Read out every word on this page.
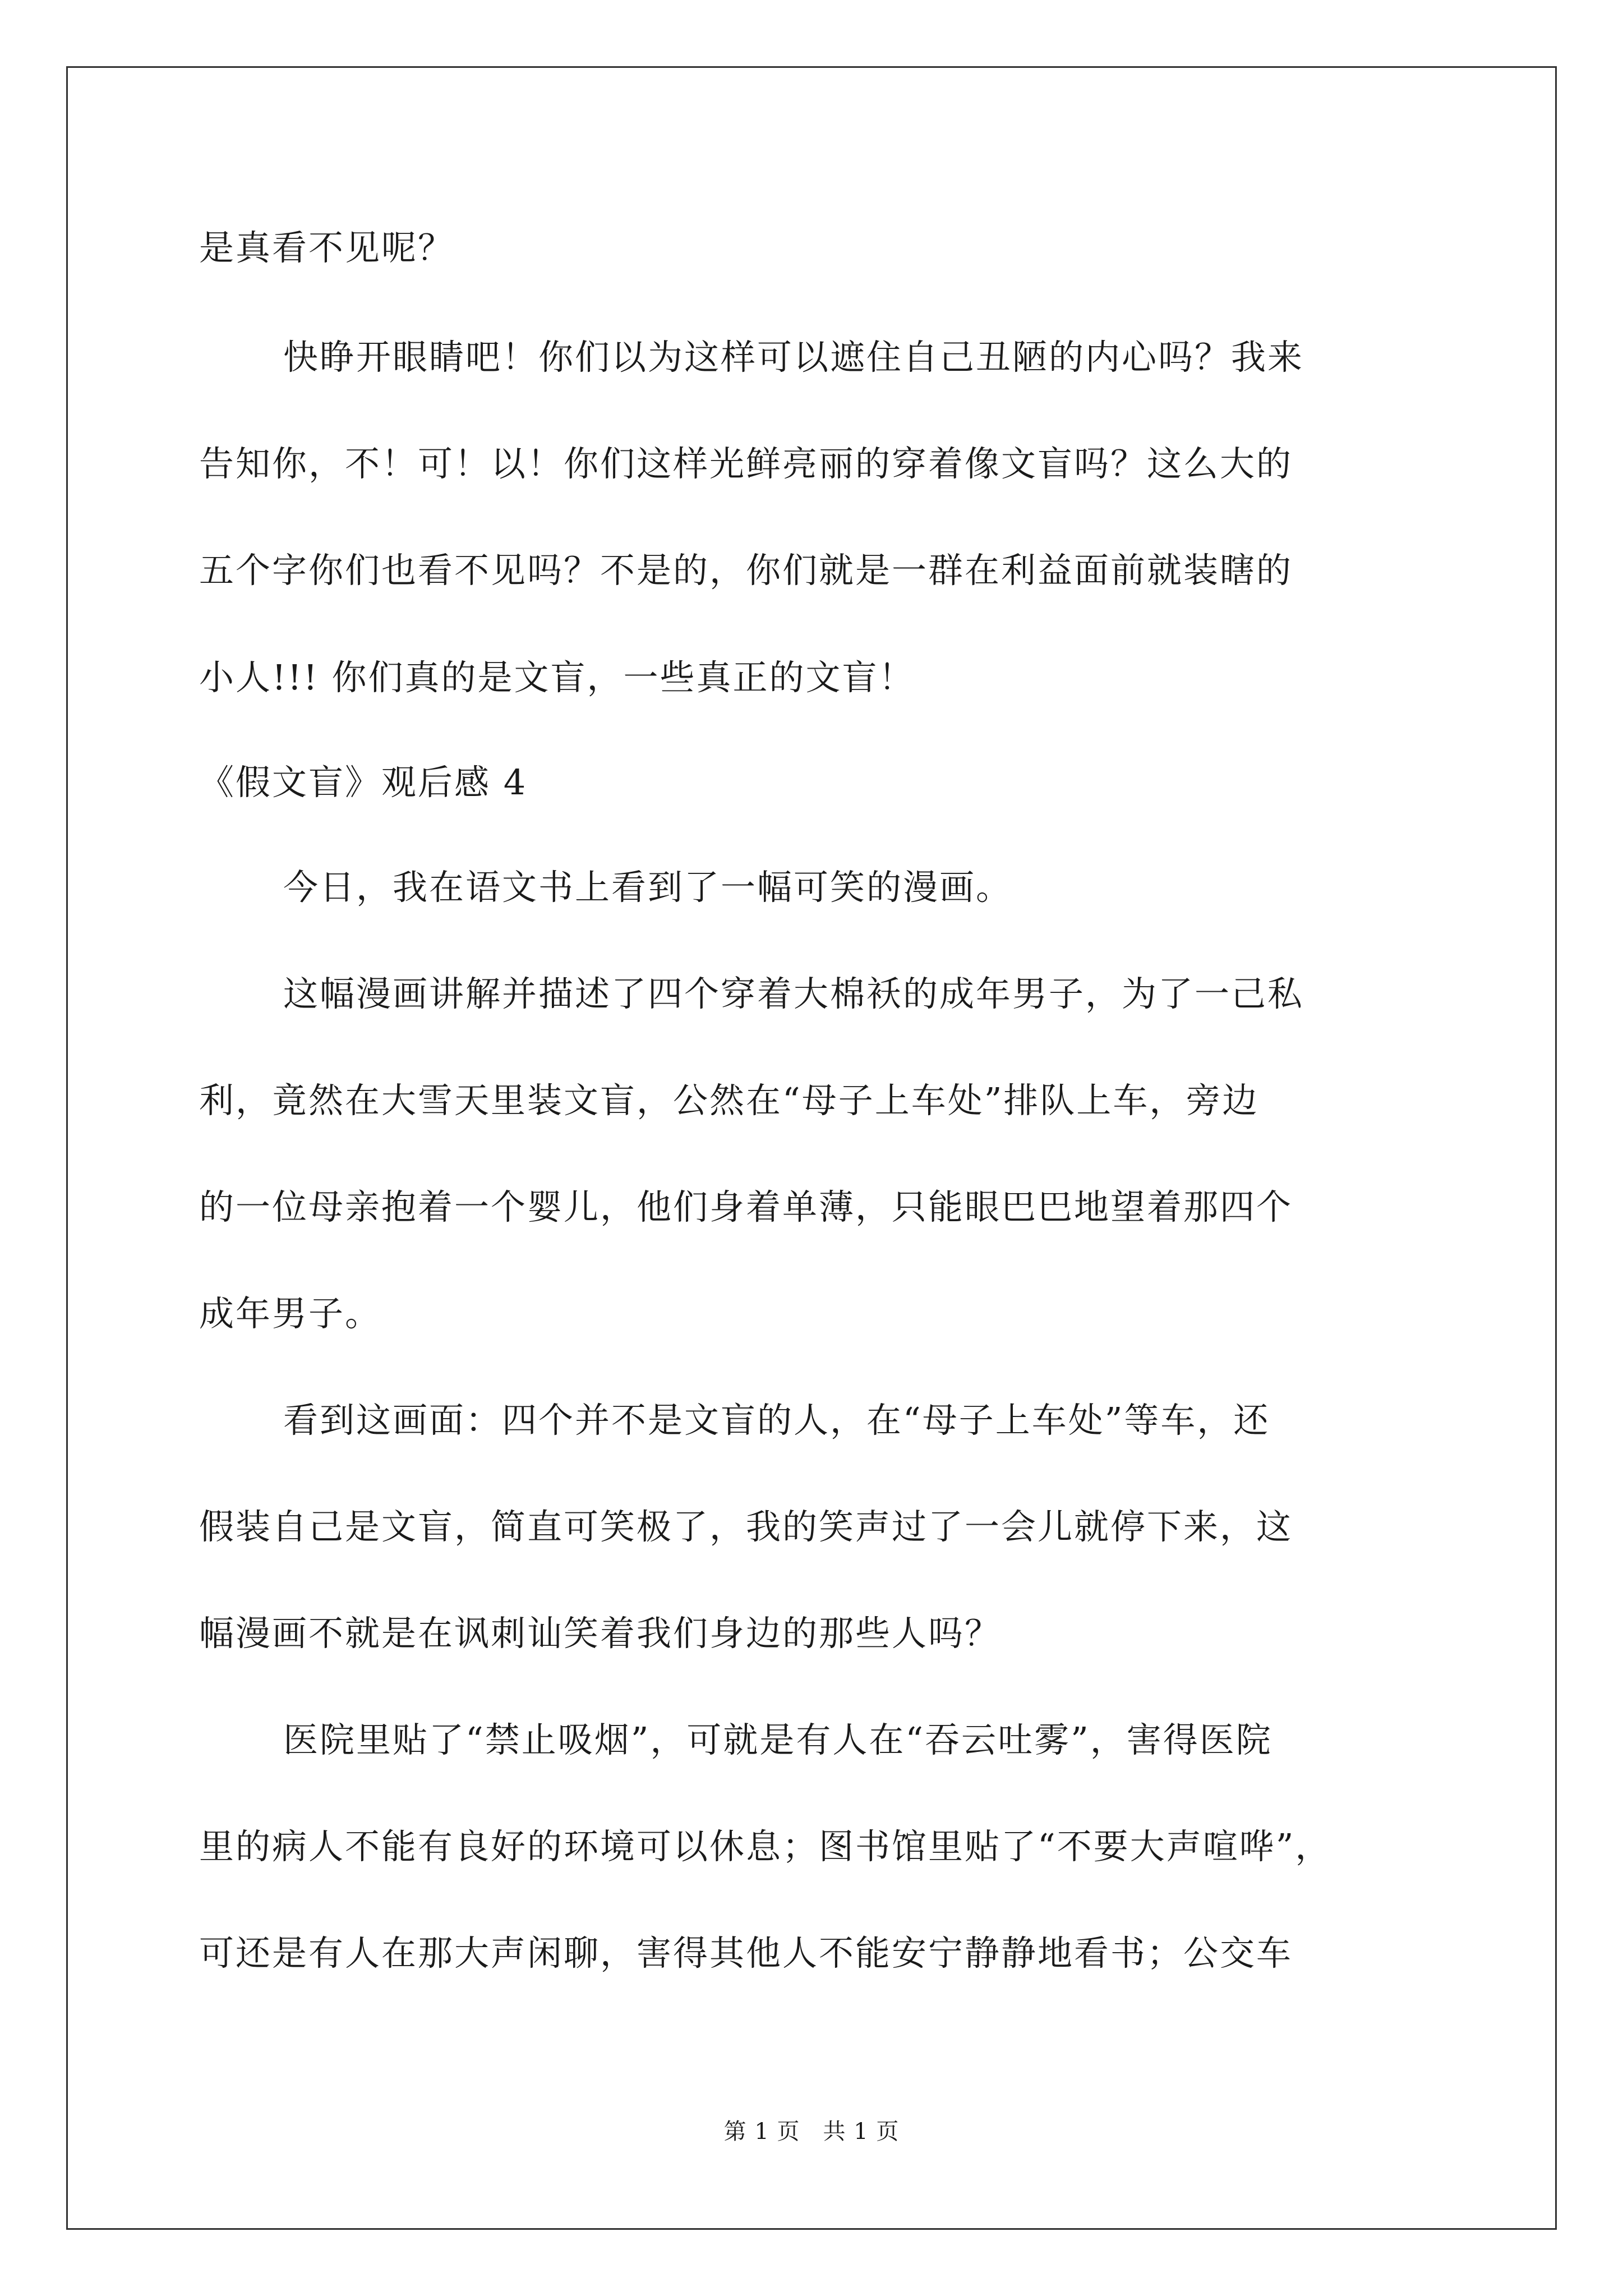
是真看不见呢？
快睁开眼睛吧！你们以为这样可以遮住自己丑陋的内心吗？我来
告知你，不！可！以！你们这样光鲜亮丽的穿着像文盲吗？这么大的
五个字你们也看不见吗？不是的，你们就是一群在利益面前就装瞎的
小人!!! 你们真的是文盲，一些真正的文盲！
《假文盲》观后感 4
今日，我在语文书上看到了一幅可笑的漫画。
这幅漫画讲解并描述了四个穿着大棉袄的成年男子，为了一己私
利，竟然在大雪天里装文盲，公然在“母子上车处”排队上车，旁边
的一位母亲抱着一个婴儿，他们身着单薄，只能眼巴巴地望着那四个
成年男子。
看到这画面：四个并不是文盲的人，在“母子上车处”等车，还
假装自己是文盲，简直可笑极了，我的笑声过了一会儿就停下来，这
幅漫画不就是在讽刺讪笑着我们身边的那些人吗？
医院里贴了“禁止吸烟”，可就是有人在“吞云吐雾”，害得医院
里的病人不能有良好的环境可以休息；图书馆里贴了“不要大声喧哗”，
可还是有人在那大声闲聊，害得其他人不能安宁静静地看书；公交车
第 1 页　共 1 页
